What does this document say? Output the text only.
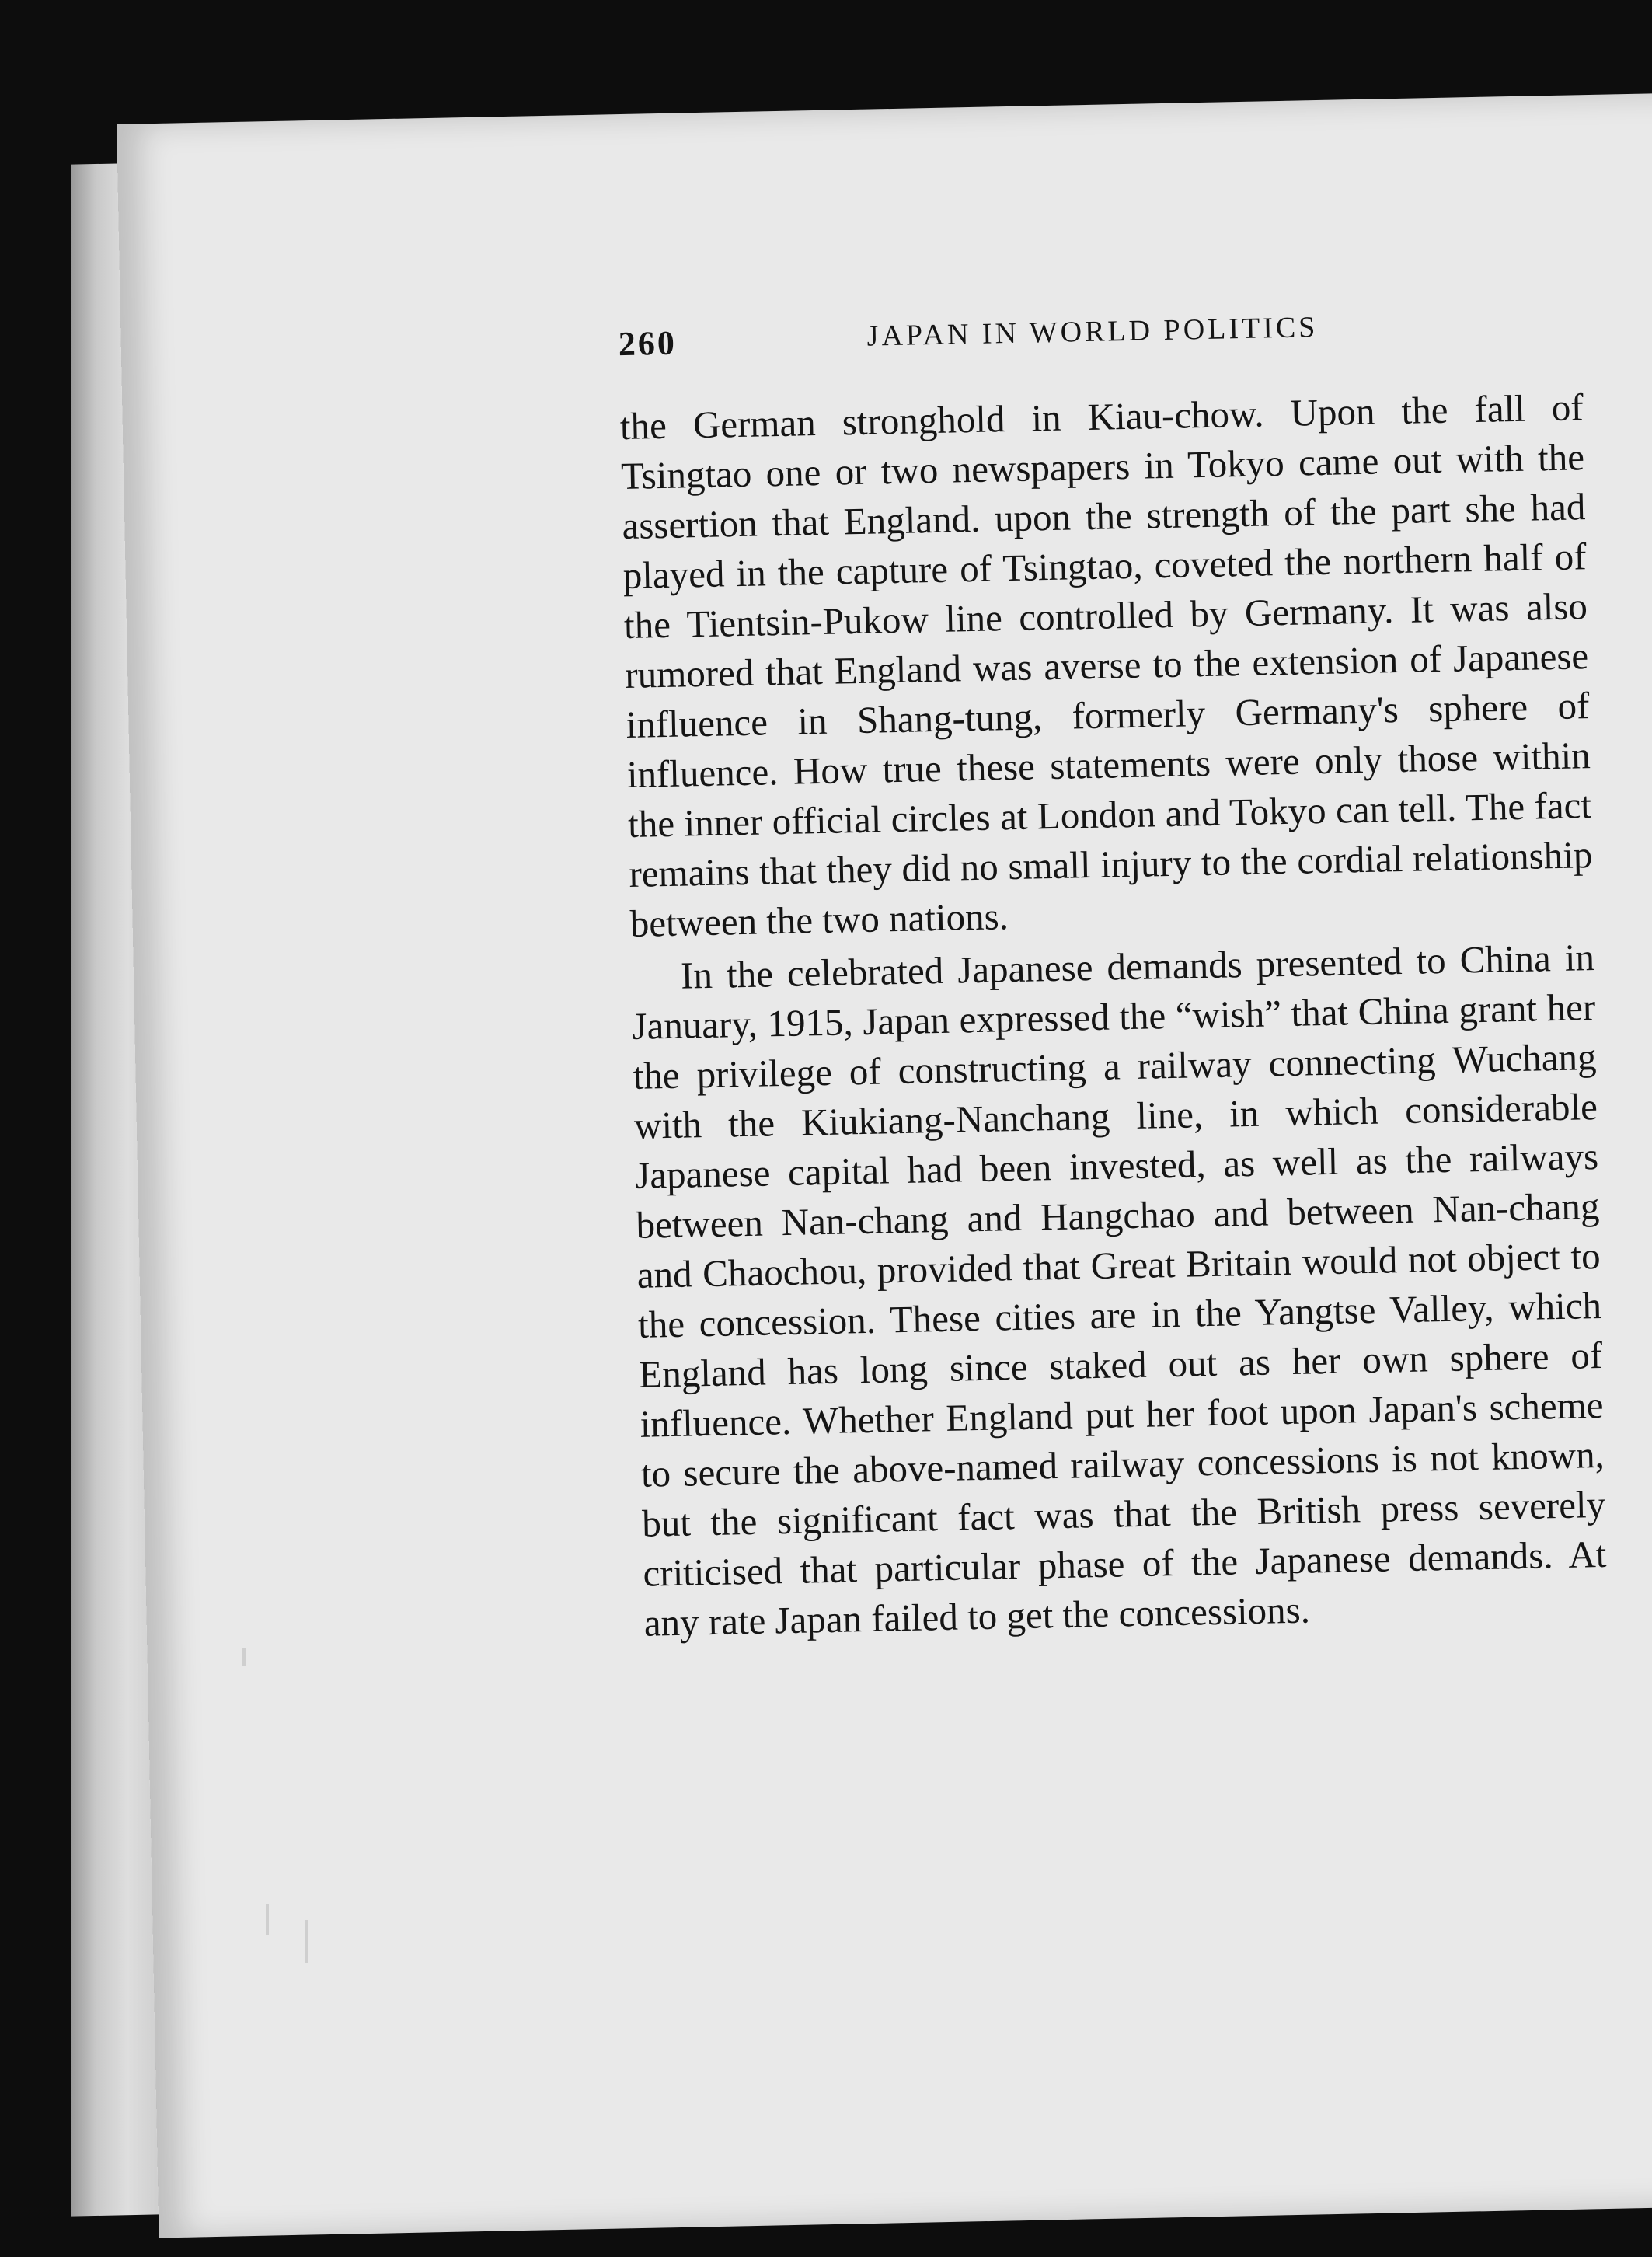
260	JAPAN IN WORLD POLITICS

the German stronghold in Kiau-chow. Upon the fall of Tsingtao one or two newspapers in Tokyo came out with the assertion that England. upon the strength of the part she had played in the capture of Tsingtao, coveted the northern half of the Tientsin-Pukow line controlled by Germany. It was also rumored that England was averse to the extension of Japanese influence in Shang-tung, formerly Germany's sphere of influence. How true these statements were only those within the inner official circles at London and Tokyo can tell. The fact remains that they did no small injury to the cordial relationship between the two nations.

In the celebrated Japanese demands presented to China in January, 1915, Japan expressed the “wish” that China grant her the privilege of constructing a railway connecting Wuchang with the Kiukiang-Nanchang line, in which considerable Japanese capital had been invested, as well as the railways between Nan-chang and Hangchao and between Nan-chang and Chaochou, provided that Great Britain would not object to the concession. These cities are in the Yangtse Valley, which England has long since staked out as her own sphere of influence. Whether England put her foot upon Japan's scheme to secure the above-named railway concessions is not known, but the significant fact was that the British press severely criticised that particular phase of the Japanese demands. At any rate Japan failed to get the concessions.
